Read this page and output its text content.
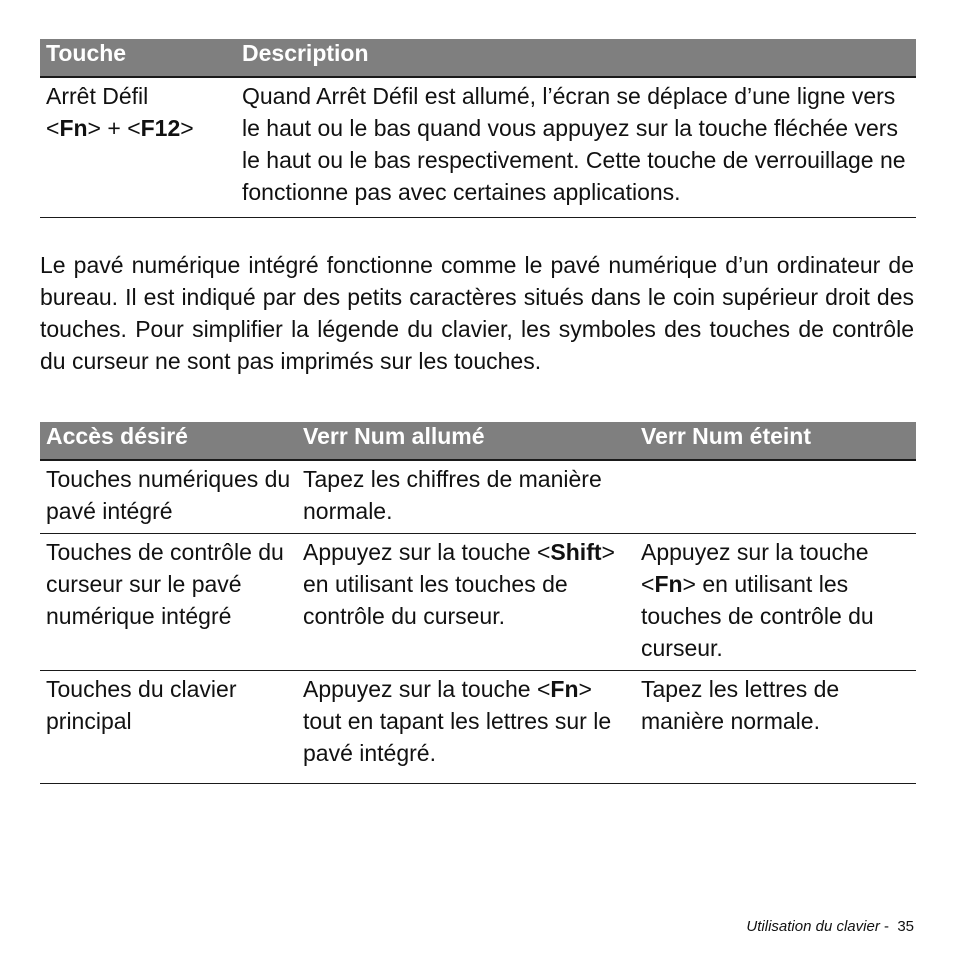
Touche	Description
Arrêt Défil
<Fn> + <F12>	Quand Arrêt Défil est allumé, l’écran se déplace d’une ligne vers le haut ou le bas quand vous appuyez sur la touche fléchée vers le haut ou le bas respectivement. Cette touche de verrouillage ne fonctionne pas avec certaines applications.

Le pavé numérique intégré fonctionne comme le pavé numérique d’un ordinateur de bureau. Il est indiqué par des petits caractères situés dans le coin supérieur droit des touches. Pour simplifier la légende du clavier, les symboles des touches de contrôle du curseur ne sont pas imprimés sur les touches.

Accès désiré	Verr Num allumé	Verr Num éteint
Touches numériques du pavé intégré	Tapez les chiffres de manière normale.	
Touches de contrôle du curseur sur le pavé numérique intégré	Appuyez sur la touche <Shift> en utilisant les touches de contrôle du curseur.	Appuyez sur la touche <Fn> en utilisant les touches de contrôle du curseur.
Touches du clavier principal	Appuyez sur la touche <Fn> tout en tapant les lettres sur le pavé intégré.	Tapez les lettres de manière normale.
Utilisation du clavier -  35
